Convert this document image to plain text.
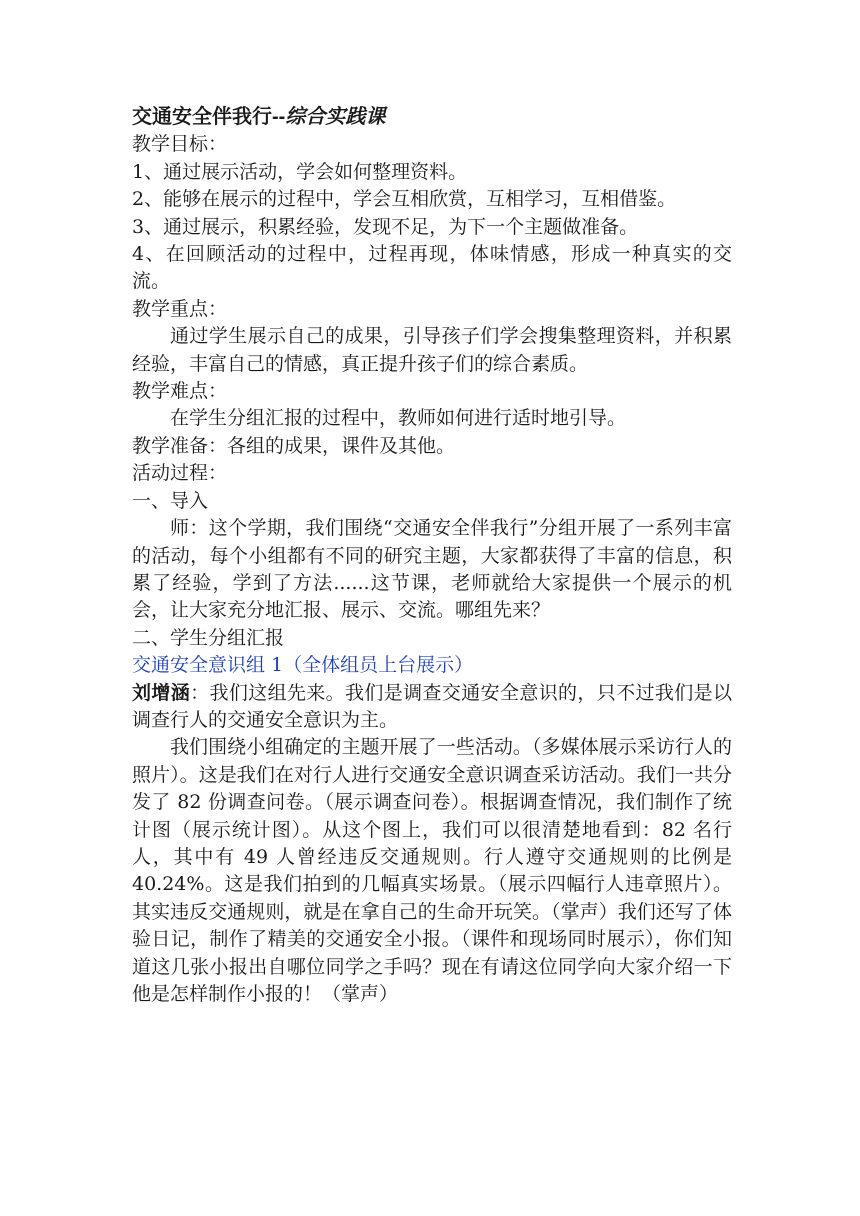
交通安全伴我行--综合实践课

教学目标：

1、通过展示活动，学会如何整理资料。

2、能够在展示的过程中，学会互相欣赏，互相学习，互相借鉴。

3、通过展示，积累经验，发现不足，为下一个主题做准备。

4、在回顾活动的过程中，过程再现，体味情感，形成一种真实的交流。

教学重点：

通过学生展示自己的成果，引导孩子们学会搜集整理资料，并积累经验，丰富自己的情感，真正提升孩子们的综合素质。

教学难点：

在学生分组汇报的过程中，教师如何进行适时地引导。

教学准备：各组的成果，课件及其他。

活动过程：

一、导入

师：这个学期，我们围绕“交通安全伴我行”分组开展了一系列丰富的活动，每个小组都有不同的研究主题，大家都获得了丰富的信息，积累了经验，学到了方法......这节课，老师就给大家提供一个展示的机会，让大家充分地汇报、展示、交流。哪组先来？

二、学生分组汇报

交通安全意识组 1（全体组员上台展示）

刘增涵：我们这组先来。我们是调查交通安全意识的，只不过我们是以调查行人的交通安全意识为主。

我们围绕小组确定的主题开展了一些活动。（多媒体展示采访行人的照片）。这是我们在对行人进行交通安全意识调查采访活动。我们一共分发了 82 份调查问卷。（展示调查问卷）。根据调查情况，我们制作了统计图（展示统计图）。从这个图上，我们可以很清楚地看到：82 名行人，其中有 49 人曾经违反交通规则。行人遵守交通规则的比例是 40.24%。这是我们拍到的几幅真实场景。（展示四幅行人违章照片）。其实违反交通规则，就是在拿自己的生命开玩笑。（掌声）我们还写了体验日记，制作了精美的交通安全小报。（课件和现场同时展示），你们知道这几张小报出自哪位同学之手吗？现在有请这位同学向大家介绍一下他是怎样制作小报的！（掌声）
